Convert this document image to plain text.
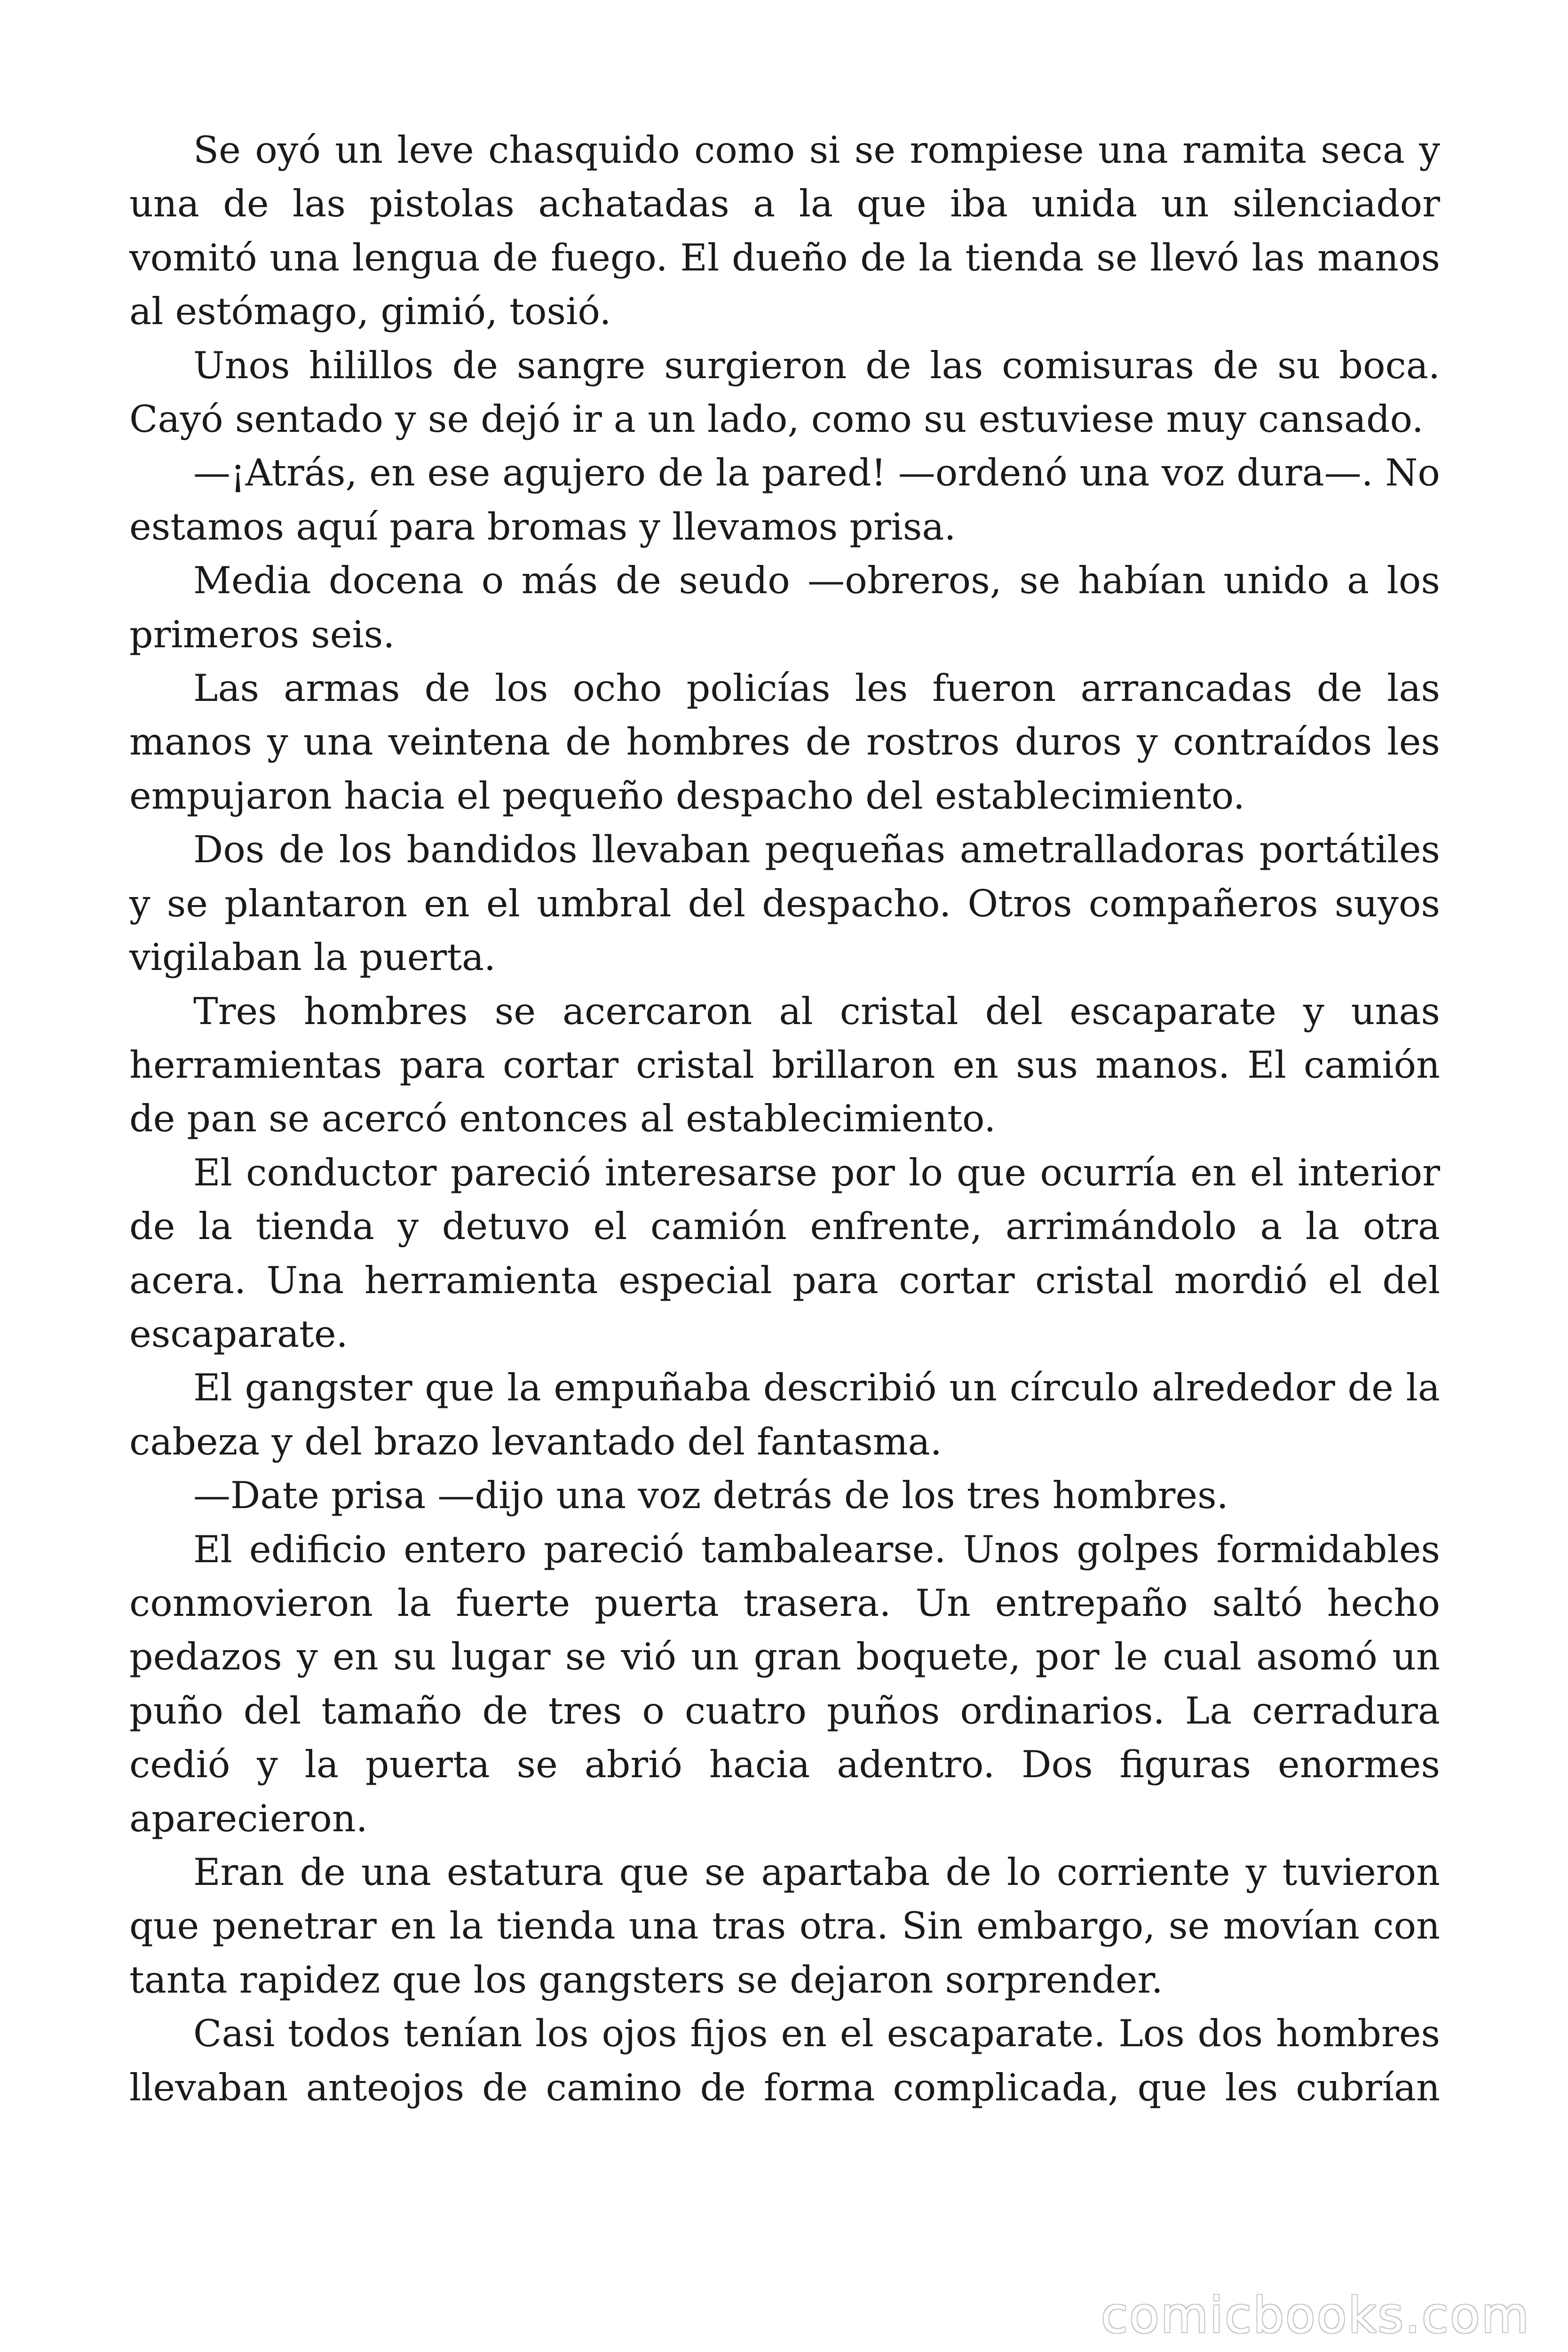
Se oyó un leve chasquido como si se rompiese una ramita seca y una de las pistolas achatadas a la que iba unida un silenciador vomitó una lengua de fuego. El dueño de la tienda se llevó las manos al estómago, gimió, tosió.

Unos hilillos de sangre surgieron de las comisuras de su boca. Cayó sentado y se dejó ir a un lado, como su estuviese muy cansado.

—¡Atrás, en ese agujero de la pared! —ordenó una voz dura—. No estamos aquí para bromas y llevamos prisa.

Media docena o más de seudo —obreros, se habían unido a los primeros seis.

Las armas de los ocho policías les fueron arrancadas de las manos y una veintena de hombres de rostros duros y contraídos les empujaron hacia el pequeño despacho del establecimiento.

Dos de los bandidos llevaban pequeñas ametralladoras portátiles y se plantaron en el umbral del despacho. Otros compañeros suyos vigilaban la puerta.

Tres hombres se acercaron al cristal del escaparate y unas herramientas para cortar cristal brillaron en sus manos. El camión de pan se acercó entonces al establecimiento.

El conductor pareció interesarse por lo que ocurría en el interior de la tienda y detuvo el camión enfrente, arrimándolo a la otra acera. Una herramienta especial para cortar cristal mordió el del escaparate.

El gangster que la empuñaba describió un círculo alrededor de la cabeza y del brazo levantado del fantasma.

—Date prisa —dijo una voz detrás de los tres hombres.

El edificio entero pareció tambalearse. Unos golpes formidables conmovieron la fuerte puerta trasera. Un entrepaño saltó hecho pedazos y en su lugar se vió un gran boquete, por le cual asomó un puño del tamaño de tres o cuatro puños ordinarios. La cerradura cedió y la puerta se abrió hacia adentro. Dos figuras enormes aparecieron.

Eran de una estatura que se apartaba de lo corriente y tuvieron que penetrar en la tienda una tras otra. Sin embargo, se movían con tanta rapidez que los gangsters se dejaron sorprender.

Casi todos tenían los ojos fijos en el escaparate. Los dos hombres llevaban anteojos de camino de forma complicada, que les cubrían

comicbooks.com
